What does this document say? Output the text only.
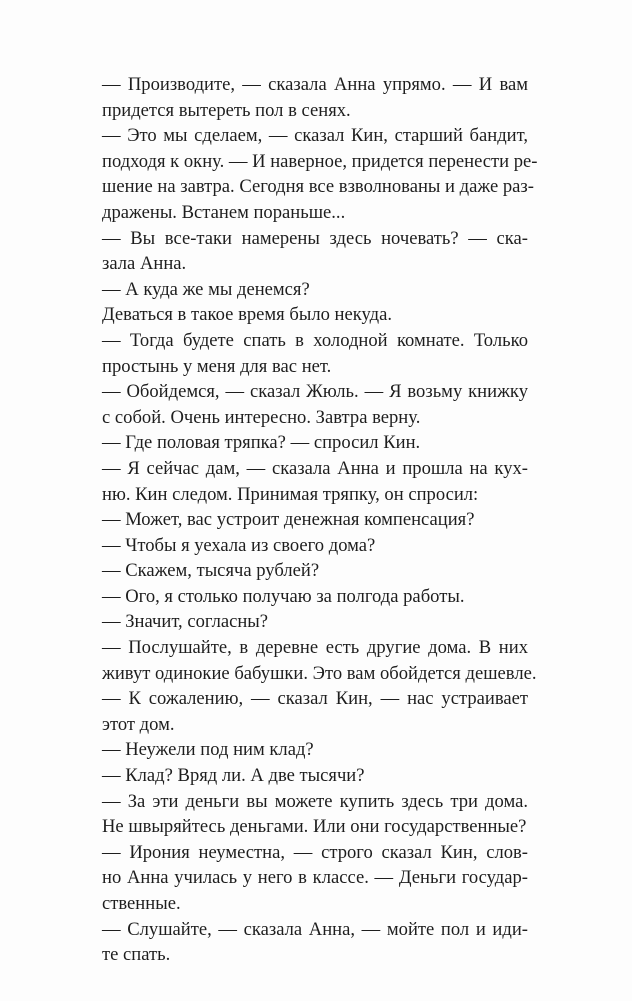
— Производите, — сказала Анна упрямо. — И вам
придется вытереть пол в сенях.
— Это мы сделаем, — сказал Кин, старший бандит,
подходя к окну. — И наверное, придется перенести ре-
шение на завтра. Сегодня все взволнованы и даже раз-
дражены. Встанем пораньше...
— Вы все-таки намерены здесь ночевать? — ска-
зала Анна.
— А куда же мы денемся?
Деваться в такое время было некуда.
— Тогда будете спать в холодной комнате. Только
простынь у меня для вас нет.
— Обойдемся, — сказал Жюль. — Я возьму книжку
с собой. Очень интересно. Завтра верну.
— Где половая тряпка? — спросил Кин.
— Я сейчас дам, — сказала Анна и прошла на кух-
ню. Кин следом. Принимая тряпку, он спросил:
— Может, вас устроит денежная компенсация?
— Чтобы я уехала из своего дома?
— Скажем, тысяча рублей?
— Ого, я столько получаю за полгода работы.
— Значит, согласны?
— Послушайте, в деревне есть другие дома. В них
живут одинокие бабушки. Это вам обойдется дешевле.
— К сожалению, — сказал Кин, — нас устраивает
этот дом.
— Неужели под ним клад?
— Клад? Вряд ли. А две тысячи?
— За эти деньги вы можете купить здесь три дома.
Не швыряйтесь деньгами. Или они государственные?
— Ирония неуместна, — строго сказал Кин, слов-
но Анна училась у него в классе. — Деньги государ-
ственные.
— Слушайте, — сказала Анна, — мойте пол и иди-
те спать.
